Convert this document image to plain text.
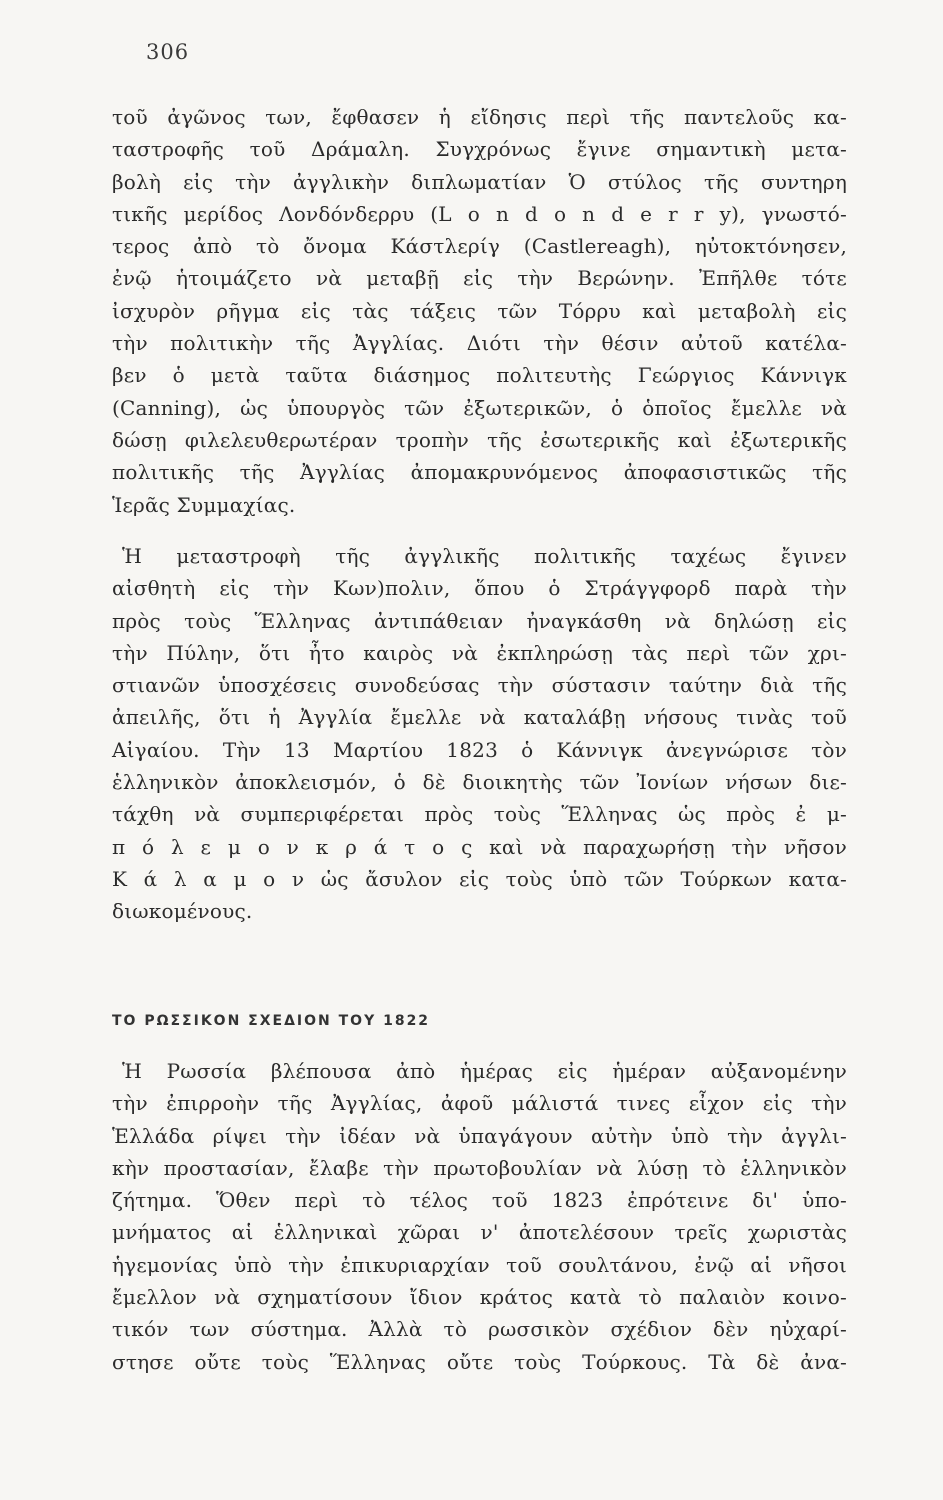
306
τοῦ ἀγῶνος των, ἔφθασεν ἡ εἴδησις περὶ τῆς παντελοῦς κα-
ταστροφῆς τοῦ Δράμαλη. Συγχρόνως ἔγινε σημαντικὴ μετα-
βολὴ εἰς τὴν ἀγγλικὴν διπλωματίαν Ὁ στύλος τῆς συντηρη
τικῆς μερίδος Λονδόνδερρυ (L o n d o n d e r r y), γνωστό-
τερος ἀπὸ τὸ ὄνομα Κάστλερίγ (Castlereagh), ηὐτοκτόνησεν,
ἐνῷ ἡτοιμάζετο νὰ μεταβῇ εἰς τὴν Βερώνην. Ἐπῆλθε τότε
ἰσχυρὸν ρῆγμα εἰς τὰς τάξεις τῶν Τόρρυ καὶ μεταβολὴ εἰς
τὴν πολιτικὴν τῆς Ἀγγλίας. Διότι τὴν θέσιν αὐτοῦ κατέλα-
βεν ὁ μετὰ ταῦτα διάσημος πολιτευτὴς Γεώργιος Κάννιγκ
(Canning), ὡς ὑπουργὸς τῶν ἐξωτερικῶν, ὁ ὁποῖος ἔμελλε νὰ
δώσῃ φιλελευθερωτέραν τροπὴν τῆς ἐσωτερικῆς καὶ ἐξωτερικῆς
πολιτικῆς τῆς Ἀγγλίας ἀπομακρυνόμενος ἀποφασιστικῶς τῆς
Ἱερᾶς Συμμαχίας.
Ἡ μεταστροφὴ τῆς ἀγγλικῆς πολιτικῆς ταχέως ἔγινεν
αἰσθητὴ εἰς τὴν Κων)πολιν, ὅπου ὁ Στράγγφορδ παρὰ τὴν
πρὸς τοὺς Ἕλληνας ἀντιπάθειαν ἠναγκάσθη νὰ δηλώσῃ εἰς
τὴν Πύλην, ὅτι ἦτο καιρὸς νὰ ἐκπληρώσῃ τὰς περὶ τῶν χρι-
στιανῶν ὑποσχέσεις συνοδεύσας τὴν σύστασιν ταύτην διὰ τῆς
ἀπειλῆς, ὅτι ἡ Ἀγγλία ἔμελλε νὰ καταλάβῃ νήσους τινὰς τοῦ
Αἰγαίου. Τὴν 13 Μαρτίου 1823 ὁ Κάννιγκ ἀνεγνώρισε τὸν
ἑλληνικὸν ἀποκλεισμόν, ὁ δὲ διοικητὴς τῶν Ἰονίων νήσων διε-
τάχθη νὰ συμπεριφέρεται πρὸς τοὺς Ἕλληνας ὡς πρὸς ἐ μ-
π ό λ ε μ ο ν κ ρ ά τ ο ς καὶ νὰ παραχωρήσῃ τὴν νῆσον
Κ ά λ α μ ο ν ὡς ἄσυλον εἰς τοὺς ὑπὸ τῶν Τούρκων κατα-
διωκομένους.
ΤΟ ΡΩΣΣΙΚΟΝ ΣΧΕΔΙΟΝ ΤΟΥ 1822
Ἡ Ρωσσία βλέπουσα ἀπὸ ἡμέρας εἰς ἡμέραν αὐξανομένην
τὴν ἐπιρροὴν τῆς Ἀγγλίας, ἀφοῦ μάλιστά τινες εἶχον εἰς τὴν
Ἑλλάδα ρίψει τὴν ἰδέαν νὰ ὑπαγάγουν αὐτὴν ὑπὸ τὴν ἀγγλι-
κὴν προστασίαν, ἔλαβε τὴν πρωτοβουλίαν νὰ λύσῃ τὸ ἑλληνικὸν
ζήτημα. Ὅθεν περὶ τὸ τέλος τοῦ 1823 ἐπρότεινε δι' ὑπο-
μνήματος αἱ ἑλληνικαὶ χῶραι ν' ἀποτελέσουν τρεῖς χωριστὰς
ἡγεμονίας ὑπὸ τὴν ἐπικυριαρχίαν τοῦ σουλτάνου, ἐνῷ αἱ νῆσοι
ἔμελλον νὰ σχηματίσουν ἴδιον κράτος κατὰ τὸ παλαιὸν κοινο-
τικόν των σύστημα. Ἀλλὰ τὸ ρωσσικὸν σχέδιον δὲν ηὐχαρί-
στησε οὔτε τοὺς Ἕλληνας οὔτε τοὺς Τούρκους. Τὰ δὲ ἀνα-
